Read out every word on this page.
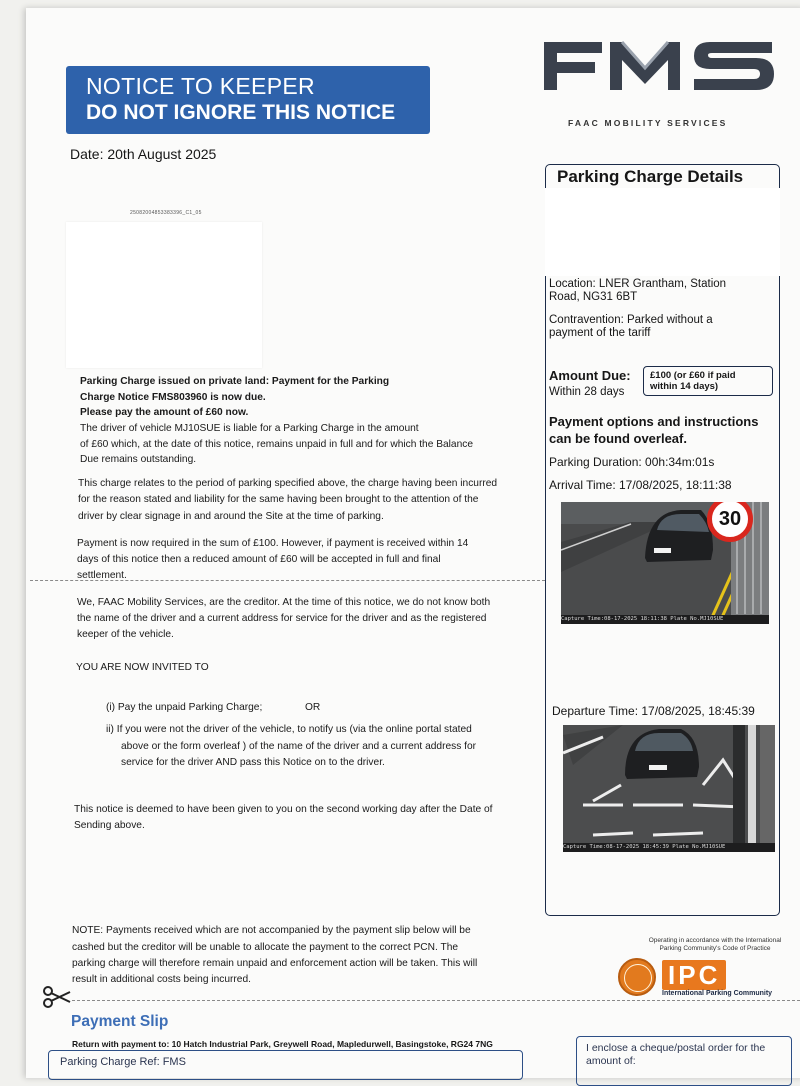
NOTICE TO KEEPER
DO NOT IGNORE THIS NOTICE
FMS
FAAC MOBILITY SERVICES
Date: 20th August 2025
25082004853383396_C1_05
Parking Charge issued on private land: Payment for the Parking
Charge Notice FMS803960 is now due.
Please pay the amount of £60 now.
The driver of vehicle MJ10SUE is liable for a Parking Charge in the amount
of £60 which, at the date of this notice, remains unpaid in full and for which the Balance
Due remains outstanding.
This charge relates to the period of parking specified above, the charge having been incurred
for the reason stated and liability for the same having been brought to the attention of the
driver by clear signage in and around the Site at the time of parking.
Payment is now required in the sum of £100. However, if payment is received within 14
days of this notice then a reduced amount of £60 will be accepted in full and final
settlement.
We, FAAC Mobility Services, are the creditor. At the time of this notice, we do not know both
the name of the driver and a current address for service for the driver and as the registered
keeper of the vehicle.
YOU ARE NOW INVITED TO
(i) Pay the unpaid Parking Charge;	OR
ii) If you were not the driver of the vehicle, to notify us (via the online portal stated
above or the form overleaf ) of the name of the driver and a current address for
service for the driver AND pass this Notice on to the driver.
This notice is deemed to have been given to you on the second working day after the Date of
Sending above.
NOTE: Payments received which are not accompanied by the payment slip below will be
cashed but the creditor will be unable to allocate the payment to the correct PCN. The
parking charge will therefore remain unpaid and enforcement action will be taken. This will
result in additional costs being incurred.
Parking Charge Details
Location: LNER Grantham, Station
Road, NG31 6BT
Contravention: Parked without a
payment of the tariff
Amount Due:
Within 28 days
£100 (or £60 if paid
within 14 days)
Payment options and instructions
can be found overleaf.
Parking Duration: 00h:34m:01s
Arrival Time: 17/08/2025, 18:11:38
30
Capture Time:08-17-2025 18:11:38 Plate No.MJ10SUE
Departure Time: 17/08/2025, 18:45:39
Capture Time:08-17-2025 18:45:39 Plate No.MJ10SUE
Operating in accordance with the International
Parking Community's Code of Practice
IPC
International Parking Community
Payment Slip
Return with payment to: 10 Hatch Industrial Park, Greywell Road, Mapledurwell, Basingstoke, RG24 7NG
Parking Charge Ref: FMS
I enclose a cheque/postal order for the
amount of:
